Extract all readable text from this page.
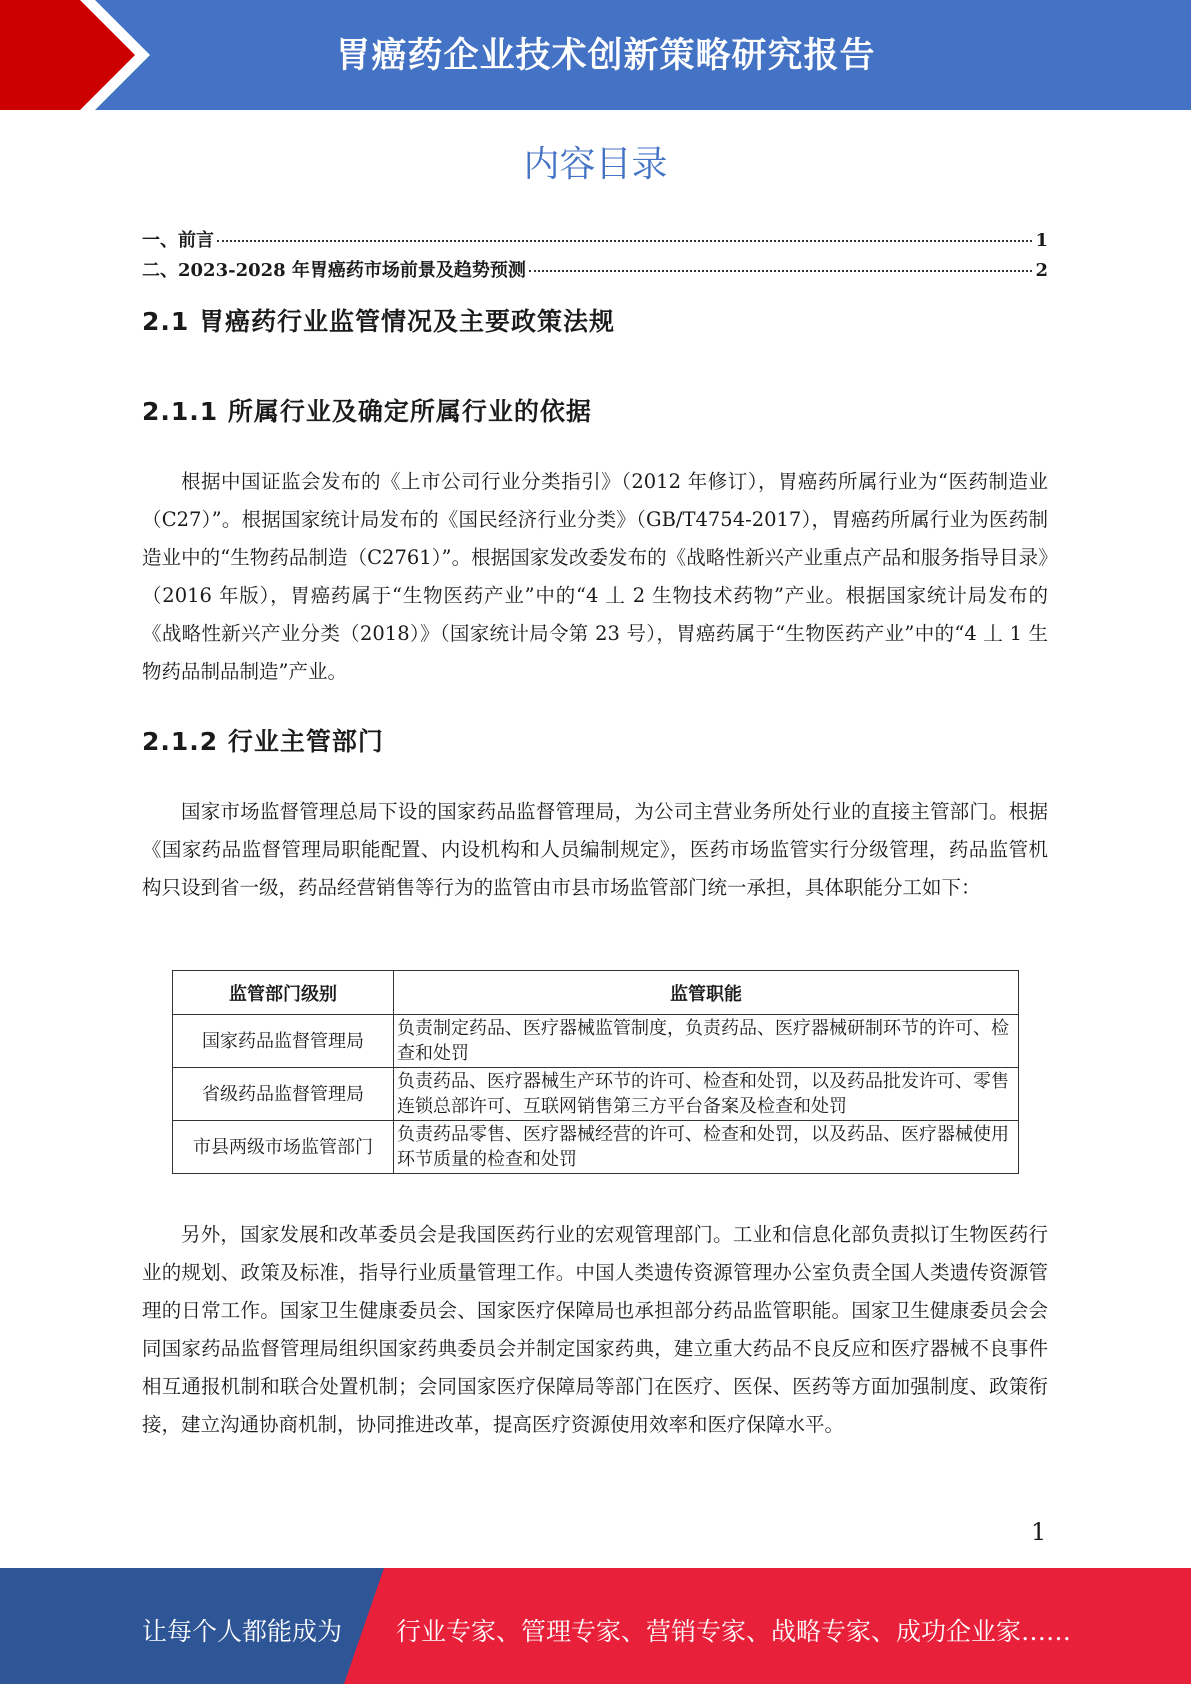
胃癌药企业技术创新策略研究报告
内容目录
一、前言	1
二、2023-2028 年胃癌药市场前景及趋势预测	2
2.1 胃癌药行业监管情况及主要政策法规
2.1.1 所属行业及确定所属行业的依据

根据中国证监会发布的《上市公司行业分类指引》（2012 年修订），胃癌药所属行业为“医药制造业（C27）”。根据国家统计局发布的《国民经济行业分类》（GB/T4754-2017），胃癌药所属行业为医药制造业中的“生物药品制造（C2761）”。根据国家发改委发布的《战略性新兴产业重点产品和服务指导目录》（2016 年版），胃癌药属于“生物医药产业”中的“4 丄 2 生物技术药物”产业。根据国家统计局发布的《战略性新兴产业分类（2018）》（国家统计局令第 23 号），胃癌药属于“生物医药产业”中的“4 丄 1 生物药品制品制造”产业。

2.1.2 行业主管部门

国家市场监督管理总局下设的国家药品监督管理局，为公司主营业务所处行业的直接主管部门。根据《国家药品监督管理局职能配置、内设机构和人员编制规定》，医药市场监管实行分级管理，药品监管机构只设到省一级，药品经营销售等行为的监管由市县市场监管部门统一承担，具体职能分工如下：

监管部门级别	监管职能
国家药品监督管理局	负责制定药品、医疗器械监管制度，负责药品、医疗器械研制环节的许可、检查和处罚
省级药品监督管理局	负责药品、医疗器械生产环节的许可、检查和处罚，以及药品批发许可、零售连锁总部许可、互联网销售第三方平台备案及检查和处罚
市县两级市场监管部门	负责药品零售、医疗器械经营的许可、检查和处罚，以及药品、医疗器械使用环节质量的检查和处罚

另外，国家发展和改革委员会是我国医药行业的宏观管理部门。工业和信息化部负责拟订生物医药行业的规划、政策及标准，指导行业质量管理工作。中国人类遗传资源管理办公室负责全国人类遗传资源管理的日常工作。国家卫生健康委员会、国家医疗保障局也承担部分药品监管职能。国家卫生健康委员会会同国家药品监督管理局组织国家药典委员会并制定国家药典，建立重大药品不良反应和医疗器械不良事件相互通报机制和联合处置机制；会同国家医疗保障局等部门在医疗、医保、医药等方面加强制度、政策衔接，建立沟通协商机制，协同推进改革，提高医疗资源使用效率和医疗保障水平。

1
让每个人都能成为 行业专家、管理专家、营销专家、战略专家、成功企业家……
